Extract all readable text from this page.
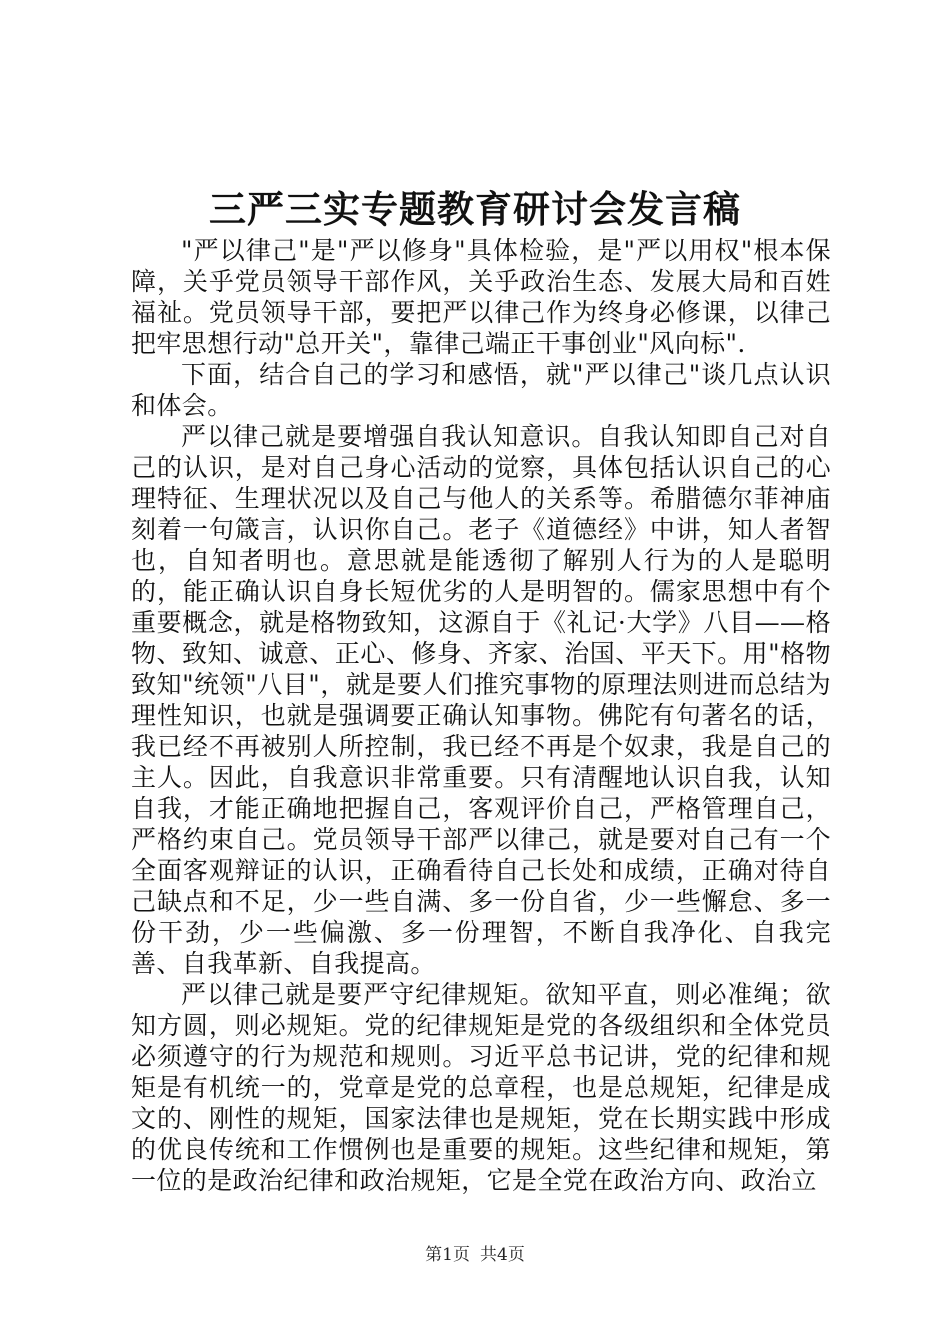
三严三实专题教育研讨会发言稿

"严以律己"是"严以修身"具体检验，是"严以用权"根本保障，关乎党员领导干部作风，关乎政治生态、发展大局和百姓福祉。党员领导干部，要把严以律己作为终身必修课，以律己把牢思想行动"总开关"，靠律己端正干事创业"风向标".

下面，结合自己的学习和感悟，就"严以律己"谈几点认识和体会。

严以律己就是要增强自我认知意识。自我认知即自己对自己的认识，是对自己身心活动的觉察，具体包括认识自己的心理特征、生理状况以及自己与他人的关系等。希腊德尔菲神庙刻着一句箴言，认识你自己。老子《道德经》中讲，知人者智也，自知者明也。意思就是能透彻了解别人行为的人是聪明的，能正确认识自身长短优劣的人是明智的。儒家思想中有个重要概念，就是格物致知，这源自于《礼记·大学》八目——格物、致知、诚意、正心、修身、齐家、治国、平天下。用"格物致知"统领"八目"，就是要人们推究事物的原理法则进而总结为理性知识，也就是强调要正确认知事物。佛陀有句著名的话，我已经不再被别人所控制，我已经不再是个奴隶，我是自己的主人。因此，自我意识非常重要。只有清醒地认识自我，认知自我，才能正确地把握自己，客观评价自己，严格管理自己，严格约束自己。党员领导干部严以律己，就是要对自己有一个全面客观辩证的认识，正确看待自己长处和成绩，正确对待自己缺点和不足，少一些自满、多一份自省，少一些懈怠、多一份干劲，少一些偏激、多一份理智，不断自我净化、自我完善、自我革新、自我提高。

严以律己就是要严守纪律规矩。欲知平直，则必准绳；欲知方圆，则必规矩。党的纪律规矩是党的各级组织和全体党员必须遵守的行为规范和规则。习近平总书记讲，党的纪律和规矩是有机统一的，党章是党的总章程，也是总规矩，纪律是成文的、刚性的规矩，国家法律也是规矩，党在长期实践中形成的优良传统和工作惯例也是重要的规矩。这些纪律和规矩，第一位的是政治纪律和政治规矩，它是全党在政治方向、政治立

第1页 共4页
